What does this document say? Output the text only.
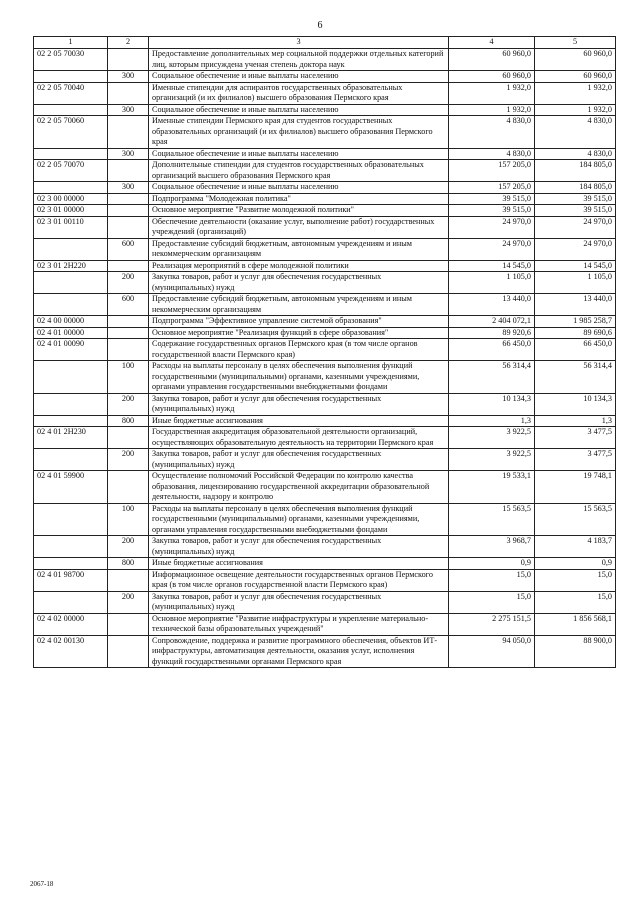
6
1	2	3	4	5
02 2 05 70030		Предоставление дополнительных мер социальной поддержки отдельных категорий лиц, которым присуждена ученая степень доктора наук	60 960,0	60 960,0
	300	Социальное обеспечение и иные выплаты населению	60 960,0	60 960,0
02 2 05 70040		Именные стипендии для аспирантов государственных образовательных организаций (и их филиалов) высшего образования Пермского края	1 932,0	1 932,0
	300	Социальное обеспечение и иные выплаты населению	1 932,0	1 932,0
02 2 05 70060		Именные стипендии Пермского края для студентов государственных образовательных организаций (и их филиалов) высшего образования Пермского края	4 830,0	4 830,0
	300	Социальное обеспечение и иные выплаты населению	4 830,0	4 830,0
02 2 05 70070		Дополнительные стипендии для студентов государственных образовательных организаций высшего образования Пермского края	157 205,0	184 805,0
	300	Социальное обеспечение и иные выплаты населению	157 205,0	184 805,0
02 3 00 00000		Подпрограмма "Молодежная политика"	39 515,0	39 515,0
02 3 01 00000		Основное мероприятие "Развитие молодежной политики"	39 515,0	39 515,0
02 3 01 00110		Обеспечение деятельности (оказание услуг, выполнение работ) государственных учреждений (организаций)	24 970,0	24 970,0
	600	Предоставление субсидий бюджетным, автономным учреждениям и иным некоммерческим организациям	24 970,0	24 970,0
02 3 01 2Н220		Реализация мероприятий в сфере молодежной политики	14 545,0	14 545,0
	200	Закупка товаров, работ и услуг для обеспечения государственных (муниципальных) нужд	1 105,0	1 105,0
	600	Предоставление субсидий бюджетным, автономным учреждениям и иным некоммерческим организациям	13 440,0	13 440,0
02 4 00 00000		Подпрограмма "Эффективное управление системой образования"	2 404 072,1	1 985 258,7
02 4 01 00000		Основное мероприятие "Реализация функций в сфере образования"	89 920,6	89 690,6
02 4 01 00090		Содержание государственных органов Пермского края (в том числе органов государственной власти Пермского края)	66 450,0	66 450,0
	100	Расходы на выплаты персоналу в целях обеспечения выполнения функций государственными (муниципальными) органами, казенными учреждениями, органами управления государственными внебюджетными фондами	56 314,4	56 314,4
	200	Закупка товаров, работ и услуг для обеспечения государственных (муниципальных) нужд	10 134,3	10 134,3
	800	Иные бюджетные ассигнования	1,3	1,3
02 4 01 2Н230		Государственная аккредитация образовательной деятельности организаций, осуществляющих образовательную деятельность на территории Пермского края	3 922,5	3 477,5
	200	Закупка товаров, работ и услуг для обеспечения государственных (муниципальных) нужд	3 922,5	3 477,5
02 4 01 59900		Осуществление полномочий Российской Федерации по контролю качества образования, лицензированию государственной аккредитации образовательной деятельности, надзору и контролю	19 533,1	19 748,1
	100	Расходы на выплаты персоналу в целях обеспечения выполнения функций государственными (муниципальными) органами, казенными учреждениями, органами управления государственными внебюджетными фондами	15 563,5	15 563,5
	200	Закупка товаров, работ и услуг для обеспечения государственных (муниципальных) нужд	3 968,7	4 183,7
	800	Иные бюджетные ассигнования	0,9	0,9
02 4 01 98700		Информационное освещение деятельности государственных органов Пермского края (в том числе органов государственной власти Пермского края)	15,0	15,0
	200	Закупка товаров, работ и услуг для обеспечения государственных (муниципальных) нужд	15,0	15,0
02 4 02 00000		Основное мероприятие "Развитие инфраструктуры и укрепление материально-технической базы образовательных учреждений"	2 275 151,5	1 856 568,1
02 4 02 00130		Сопровождение, поддержка и развитие программного обеспечения, объектов ИТ-инфраструктуры, автоматизация деятельности, оказания услуг, исполнения функций государственными органами Пермского края	94 050,0	88 900,0
2067-18
